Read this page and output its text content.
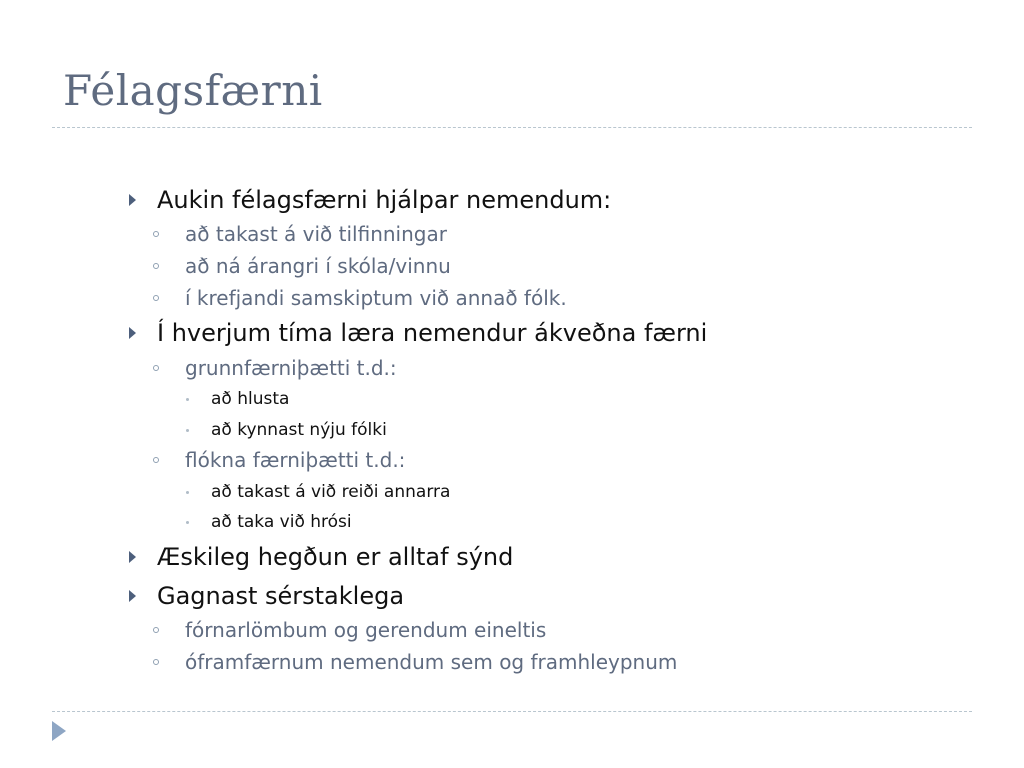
Félagsfærni
Aukin félagsfærni hjálpar nemendum:
að takast á við tilfinningar
að ná árangri í skóla/vinnu
í krefjandi samskiptum við annað fólk.
Í hverjum tíma læra nemendur ákveðna færni
grunnfærniþætti t.d.:
að hlusta
að kynnast nýju fólki
flókna færniþætti t.d.:
að takast á við reiði annarra
að taka við hrósi
Æskileg hegðun er alltaf sýnd
Gagnast sérstaklega
fórnarlömbum og gerendum eineltis
óframfærnum nemendum sem og framhleypnum
